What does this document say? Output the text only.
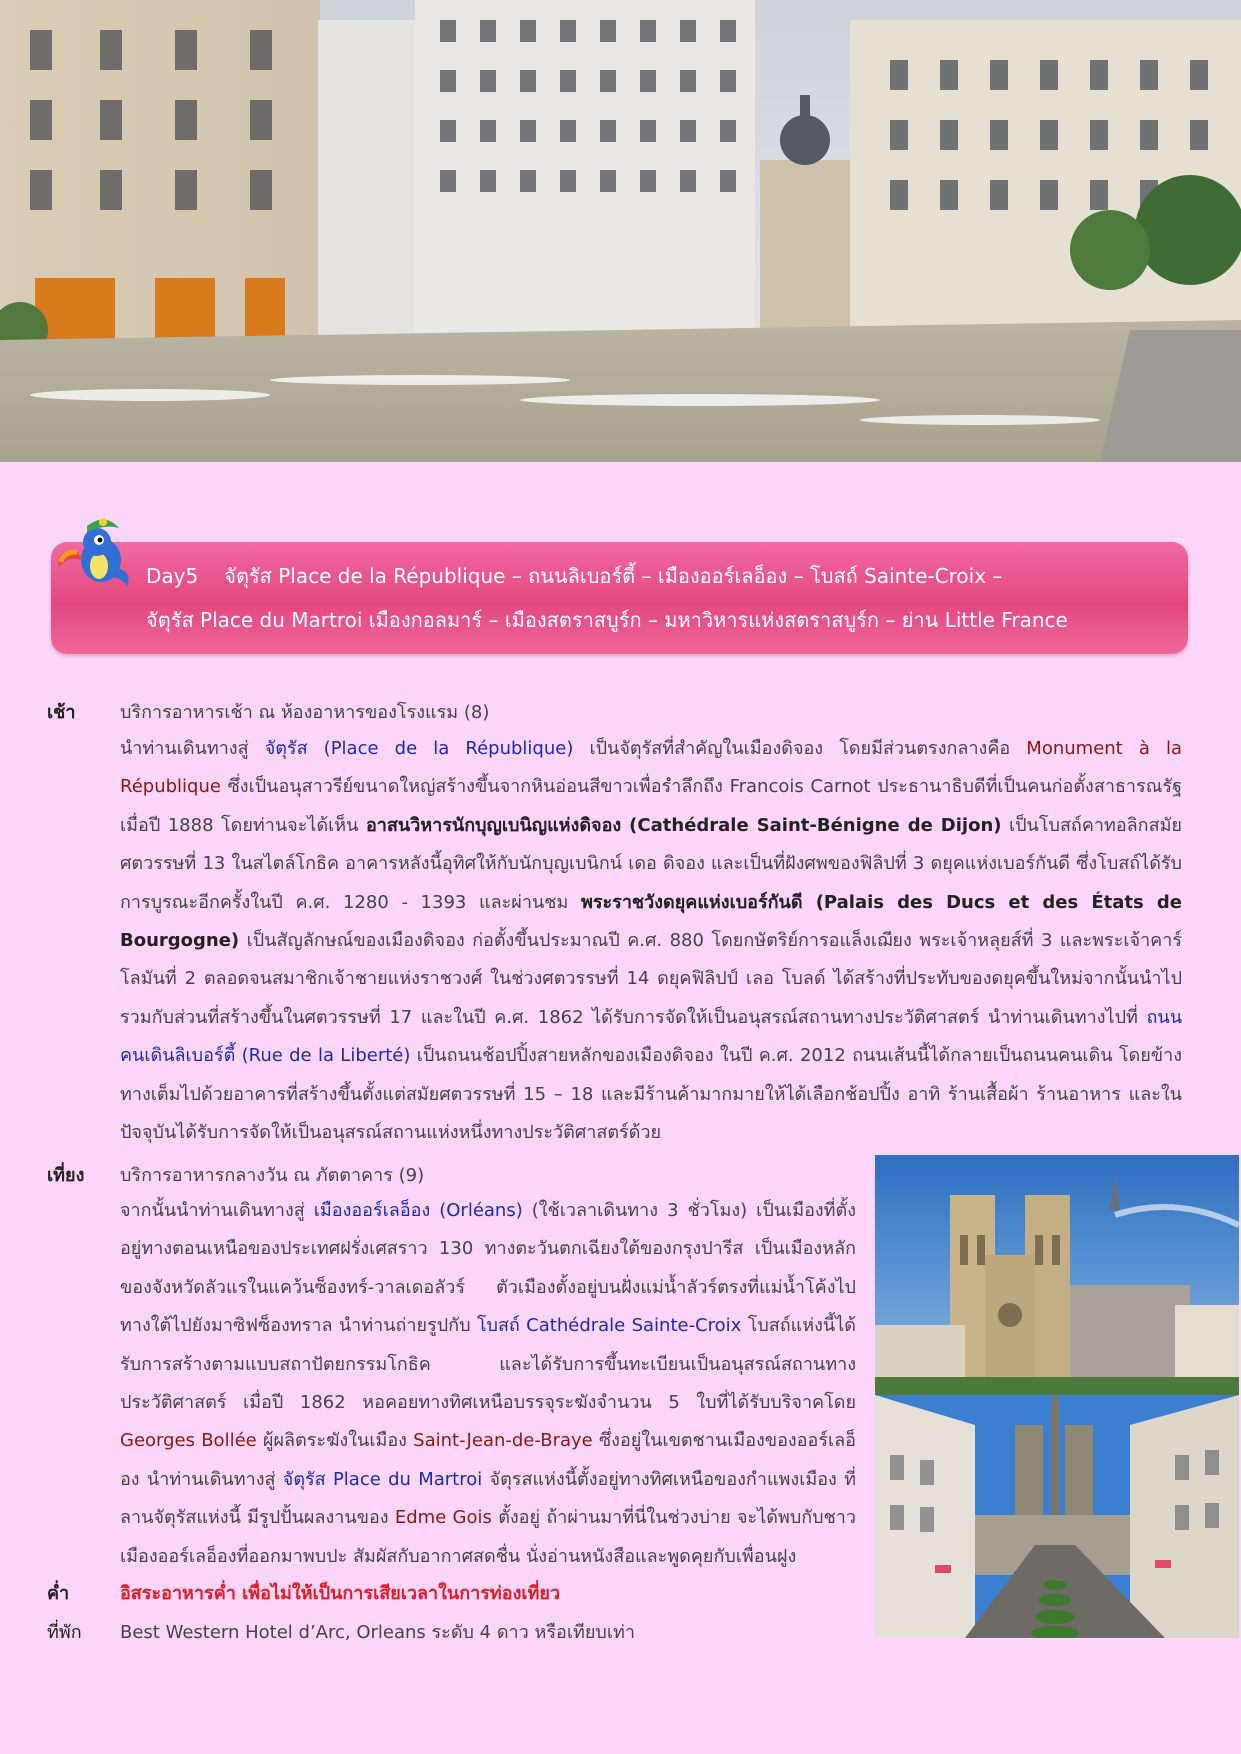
Day5 จัตุรัส Place de la République – ถนนลิเบอร์ตี้ – เมืองออร์เลอ็อง – โบสถ์ Sainte-Croix –
จัตุรัส Place du Martroi เมืองกอลมาร์ – เมืองสตราสบูร์ก – มหาวิหารแห่งสตราสบูร์ก – ย่าน Little France
เช้า บริการอาหารเช้า ณ ห้องอาหารของโรงแรม (8)

นำท่านเดินทางสู่ จัตุรัส (Place de la République) เป็นจัตุรัสที่สำคัญในเมืองดิจอง โดยมีส่วนตรงกลางคือ Monument à la République ซึ่งเป็นอนุสาวรีย์ขนาดใหญ่สร้างขึ้นจากหินอ่อนสีขาวเพื่อรำลึกถึง Francois Carnot ประธานาธิบดีที่เป็นคนก่อตั้งสาธารณรัฐ เมื่อปี 1888 โดยท่านจะได้เห็น อาสนวิหารนักบุญเบนิญแห่งดิจอง (Cathédrale Saint-Bénigne de Dijon) เป็นโบสถ์คาทอลิกสมัยศตวรรษที่ 13 ในสไตล์โกธิค อาคารหลังนี้อุทิศให้กับนักบุญเบนิกน์ เดอ ดิจอง และเป็นที่ฝังศพของฟิลิปที่ 3 ดยุคแห่งเบอร์กันดี ซึ่งโบสถ์ได้รับการบูรณะอีกครั้งในปี ค.ศ. 1280 - 1393 และผ่านชม พระราชวังดยุคแห่งเบอร์กันดี (Palais des Ducs et des États de Bourgogne) เป็นสัญลักษณ์ของเมืองดิจอง ก่อตั้งขึ้นประมาณปี ค.ศ. 880 โดยกษัตริย์การอแล็งเฌียง พระเจ้าหลุยส์ที่ 3 และพระเจ้าคาร์โลมันที่ 2 ตลอดจนสมาชิกเจ้าชายแห่งราชวงศ์ ในช่วงศตวรรษที่ 14 ดยุคฟิลิปป์ เลอ โบลด์ ได้สร้างที่ประทับของดยุคขึ้นใหม่จากนั้นนำไปรวมกับส่วนที่สร้างขึ้นในศตวรรษที่ 17 และในปี ค.ศ. 1862 ได้รับการจัดให้เป็นอนุสรณ์สถานทางประวัติศาสตร์ นำท่านเดินทางไปที่ ถนนคนเดินลิเบอร์ตี้ (Rue de la Liberté) เป็นถนนช้อปปิ้งสายหลักของเมืองดิจอง ในปี ค.ศ. 2012 ถนนเส้นนี้ได้กลายเป็นถนนคนเดิน โดยข้างทางเต็มไปด้วยอาคารที่สร้างขึ้นตั้งแต่สมัยศตวรรษที่ 15 – 18 และมีร้านค้ามากมายให้ได้เลือกช้อปปิ้ง อาทิ ร้านเสื้อผ้า ร้านอาหาร และในปัจจุบันได้รับการจัดให้เป็นอนุสรณ์สถานแห่งหนึ่งทางประวัติศาสตร์ด้วย

เที่ยง บริการอาหารกลางวัน ณ ภัตตาคาร (9)

จากนั้นนำท่านเดินทางสู่ เมืองออร์เลอ็อง (Orléans) (ใช้เวลาเดินทาง 3 ชั่วโมง) เป็นเมืองที่ตั้งอยู่ทางตอนเหนือของประเทศฝรั่งเศสราว 130 ทางตะวันตกเฉียงใต้ของกรุงปารีส เป็นเมืองหลักของจังหวัดลัวแรในแคว้นซ็องทร์-วาลเดอลัวร์ ตัวเมืองตั้งอยู่บนฝั่งแม่น้ำลัวร์ตรงที่แม่น้ำโค้งไปทางใต้ไปยังมาซิฟซ็องทราล นำท่านถ่ายรูปกับ โบสถ์ Cathédrale Sainte-Croix โบสถ์แห่งนี้ได้รับการสร้างตามแบบสถาปัตยกรรมโกธิค และได้รับการขึ้นทะเบียนเป็นอนุสรณ์สถานทางประวัติศาสตร์ เมื่อปี 1862 หอคอยทางทิศเหนือบรรจุระฆังจำนวน 5 ใบที่ได้รับบริจาคโดย Georges Bollée ผู้ผลิตระฆังในเมือง Saint-Jean-de-Braye ซึ่งอยู่ในเขตชานเมืองของออร์เลอ็อง นำท่านเดินทางสู่ จัตุรัส Place du Martroi จัตุรสแห่งนี้ตั้งอยู่ทางทิศเหนือของกำแพงเมือง ที่ลานจัตุรัสแห่งนี้ มีรูปปั้นผลงานของ Edme Gois ตั้งอยู่ ถ้าผ่านมาที่นี่ในช่วงบ่าย จะได้พบกับชาวเมืองออร์เลอ็องที่ออกมาพบปะ สัมผัสกับอากาศสดชื่น นั่งอ่านหนังสือและพูดคุยกับเพื่อนฝูง

ค่ำ	อิสระอาหารค่ำ เพื่อไม่ให้เป็นการเสียเวลาในการท่องเที่ยว
ที่พัก Best Western Hotel d’Arc, Orleans ระดับ 4 ดาว หรือเทียบเท่า
